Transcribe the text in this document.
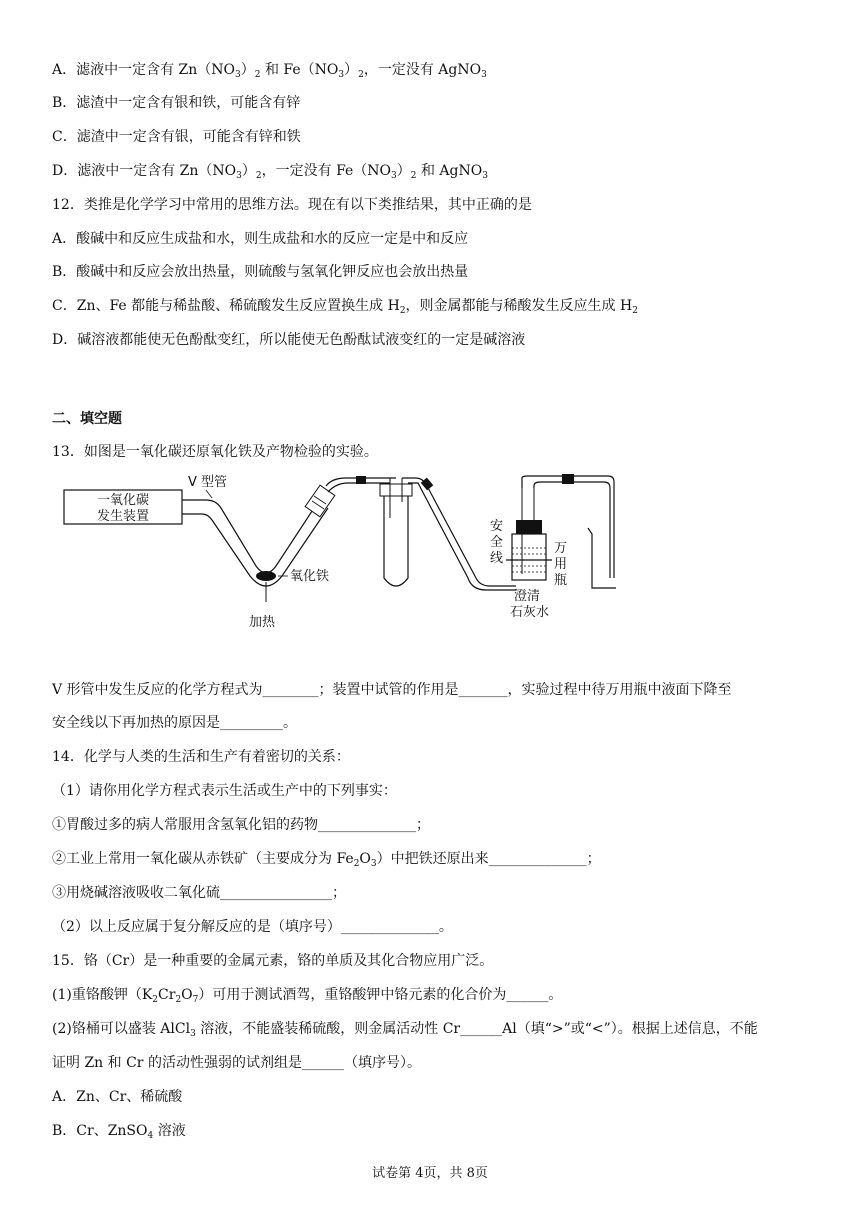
A．滤液中一定含有 $Zn(NO_3)_2$ 和 $Fe(NO_3)_2$，一定没有 AgNO$_3$
B．滤渣中一定含有银和铁，可能含有锌
C．滤渣中一定含有银，可能含有锌和铁
D．滤液中一定含有 $Zn(NO_3)_2$，一定没有 $Fe(NO_3)_2$ 和 AgNO$_3$
12．类推是化学学习中常用的思维方法。现在有以下类推结果，其中正确的是
A．酸碱中和反应生成盐和水，则生成盐和水的反应一定是中和反应
B．酸碱中和反应会放出热量，则硫酸与氢氧化钾反应也会放出热量
C．Zn、Fe 都能与稀盐酸、稀硫酸发生反应置换生成 $H_2$，则金属都能与稀酸发生反应生成 $H_2$
D．碱溶液都能使无色酚酞变红，所以能使无色酚酞试液变红的一定是碱溶液
二、填空题
13．如图是一氧化碳还原氧化铁及产物检验的实验。
一氧化碳
发生装置
V 型管
氧化铁
加热
安
全
线
万
用
瓶
澄清
石灰水
V 形管中发生反应的化学方程式为________；装置中试管的作用是_______，实验过程中待万用瓶中液面下降至
安全线以下再加热的原因是_________。
14．化学与人类的生活和生产有着密切的关系：
（1）请你用化学方程式表示生活或生产中的下列事实：
①胃酸过多的病人常服用含氢氧化铝的药物______________；
②工业上常用一氧化碳从赤铁矿（主要成分为 $Fe_2O_3$）中把铁还原出来______________；
③用烧碱溶液吸收二氧化硫________________；
（2）以上反应属于复分解反应的是（填序号）______________。
15．铬（Cr）是一种重要的金属元素，铬的单质及其化合物应用广泛。
(1)重铬酸钾$(K_2Cr_2O_7)$可用于测试酒驾，重铬酸钾中铬元素的化合价为______。
(2)铬桶可以盛装 AlCl$_3$ 溶液，不能盛装稀硫酸，则金属活动性 Cr______Al（填“>”或“<”）。根据上述信息，不能
证明 Zn 和 Cr 的活动性强弱的试剂组是______（填序号）。
A．Zn、Cr、稀硫酸
B．Cr、ZnSO$_4$ 溶液
试卷第 4页，共 8页
